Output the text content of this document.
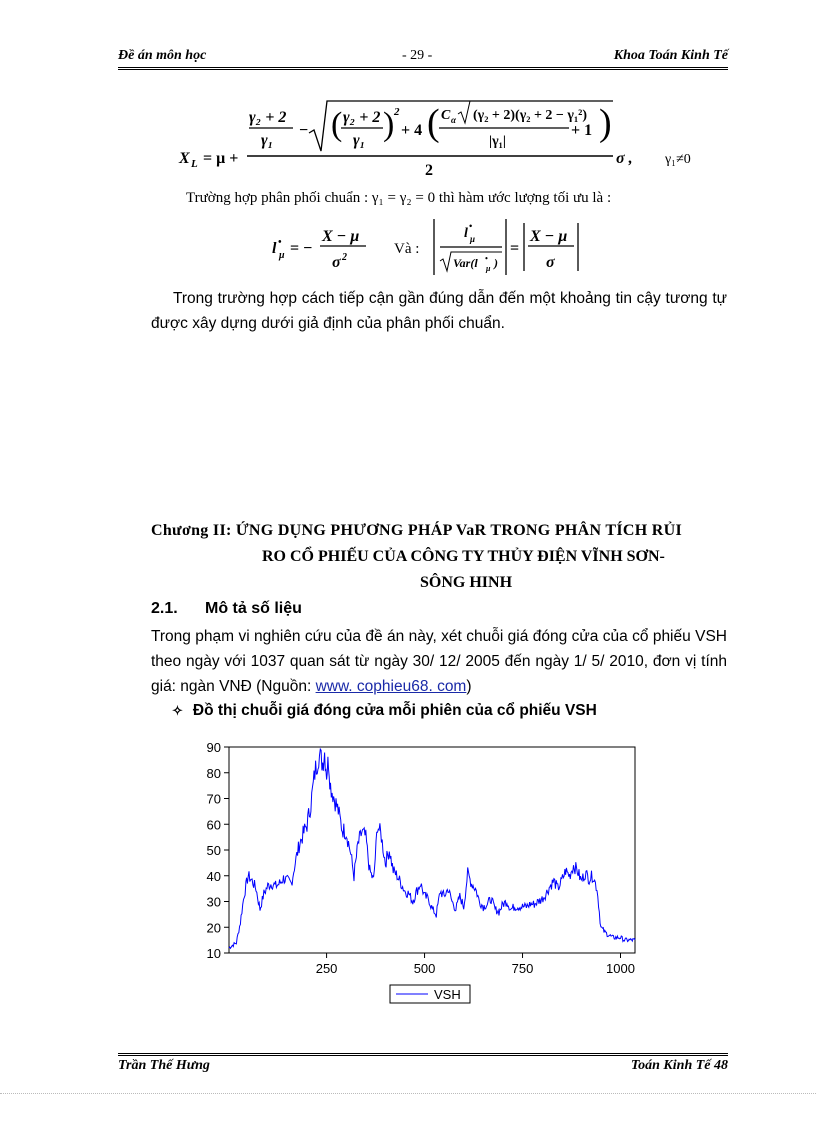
Đề án môn học	- 29 -	Khoa Toán Kinh Tế
X L = μ +
γ₂ + 2
γ₁
− ( γ₂ + 2
γ₁ ) 2
+ 4 ( C α (γ₂ + 2)(γ₂ + 2 − γ₁²)
|γ₁|
+ 1 )
2
σ , γ₁≠0
Trường hợp phân phối chuẩn : γ₁ = γ₂ = 0 thì hàm ước lượng tối ưu là :
l •
μ = −
X − μ
σ 2
Và :
l •
μ
Var(l •
μ )
=
X − μ
σ
Trong trường hợp cách tiếp cận gần đúng dẫn đến một khoảng tin cậy tương tự được xây dựng dưới giả định của phân phối chuẩn.
Chương II: ỨNG DỤNG PHƯƠNG PHÁP VaR TRONG PHÂN TÍCH RỦI
RO CỔ PHIẾU CỦA CÔNG TY THỦY ĐIỆN VĨNH SƠN-
SÔNG HINH
2.1. Mô tả số liệu
Trong phạm vi nghiên cứu của đề án này, xét chuỗi giá đóng cửa của cổ phiếu VSH theo ngày với 1037 quan sát từ ngày 30/ 12/ 2005 đến ngày 1/ 5/ 2010, đơn vị tính giá: ngàn VNĐ (Nguồn: www. cophieu68. com)
✧ Đồ thị chuỗi giá đóng cửa mỗi phiên của cổ phiếu VSH
10
20
30
40
50
60
70
80
90
250	500	750	1000
VSH
Trần Thế Hưng	Toán Kinh Tế 48
